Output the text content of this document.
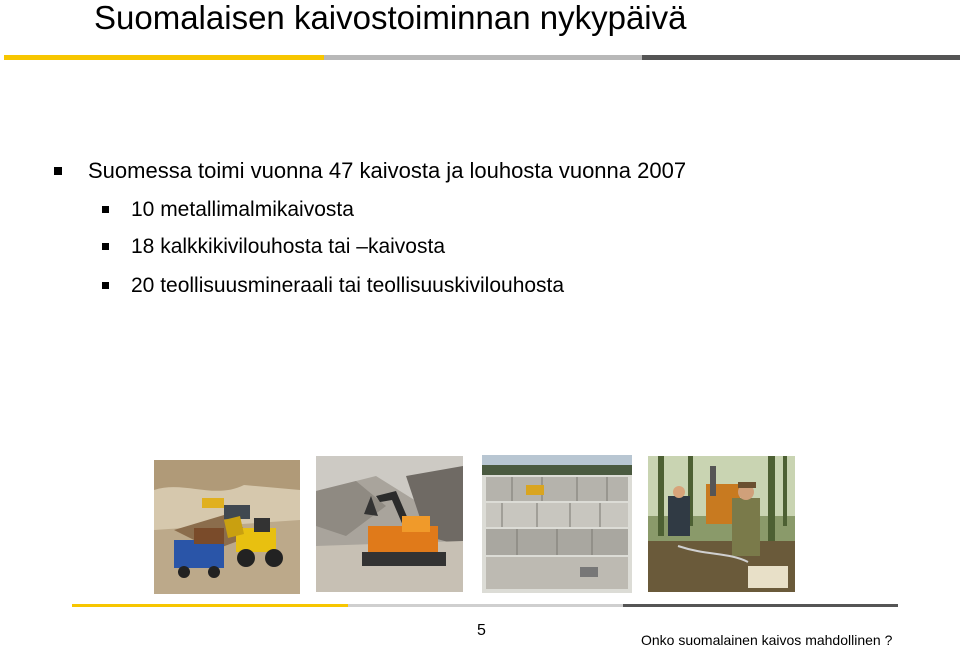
Suomalaisen kaivostoiminnan nykypäivä
Suomessa toimi vuonna 47 kaivosta ja louhosta vuonna 2007
10 metallimalmikaivosta
18 kalkkikivilouhosta tai –kaivosta
20 teollisuusmineraali tai teollisuuskivilouhosta
5
Onko suomalainen kaivos mahdollinen ?
